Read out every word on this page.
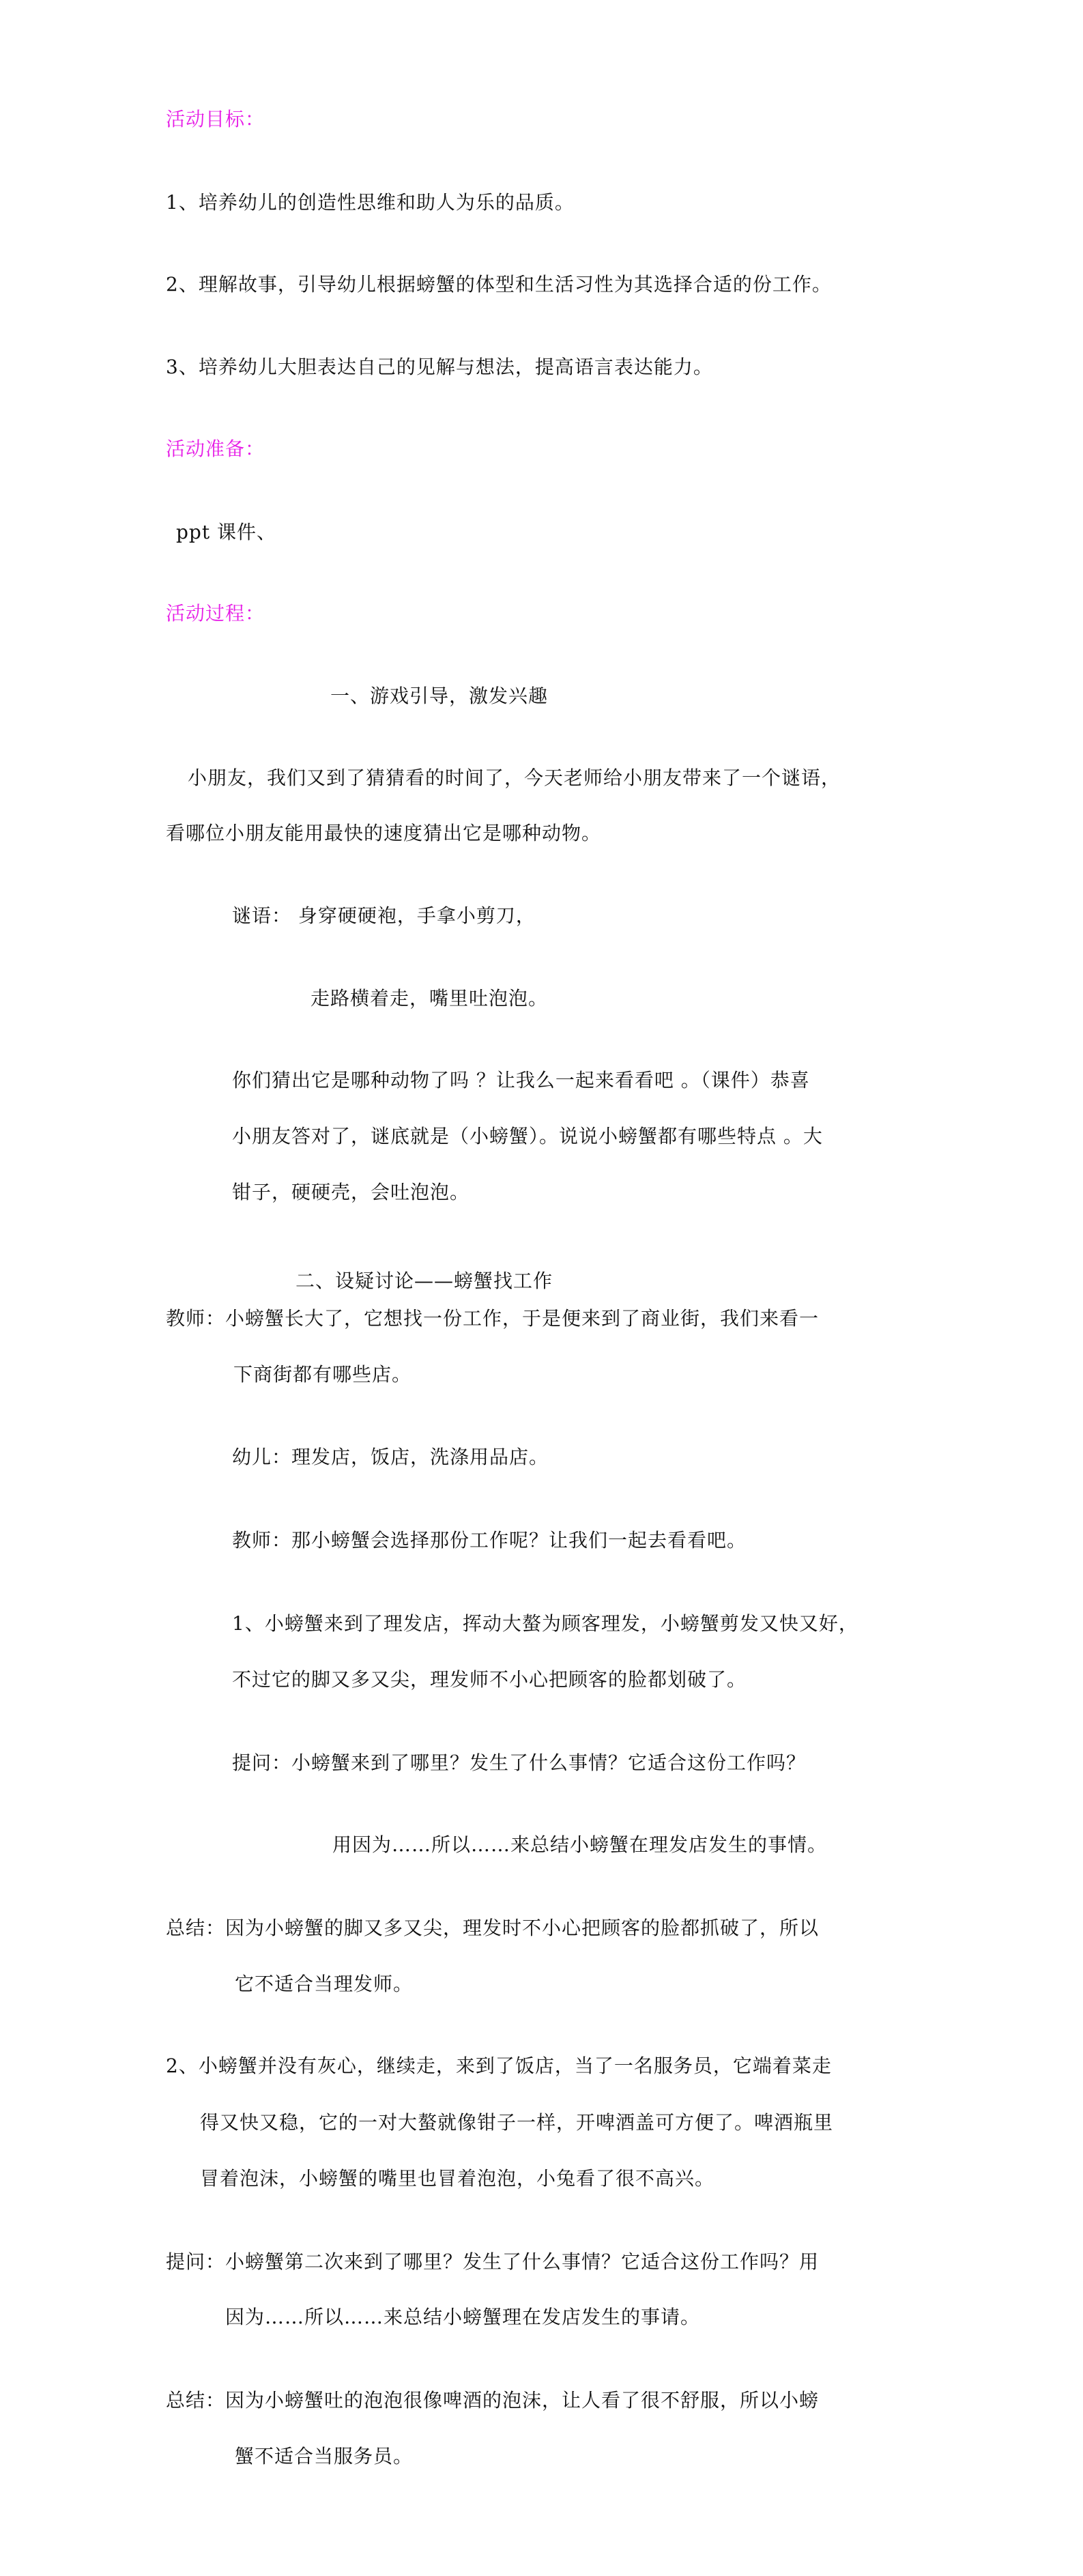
活动目标：
1、培养幼儿的创造性思维和助人为乐的品质。
2、理解故事，引导幼儿根据螃蟹的体型和生活习性为其选择合适的份工作。
3、培养幼儿大胆表达自己的见解与想法，提高语言表达能力。
活动准备：
ppt 课件、
活动过程：
一、游戏引导，激发兴趣
小朋友，我们又到了猜猜看的时间了，今天老师给小朋友带来了一个谜语，
看哪位小朋友能用最快的速度猜出它是哪种动物。
谜语： 身穿硬硬袍，手拿小剪刀，
走路横着走，嘴里吐泡泡。
你们猜出它是哪种动物了吗 ？让我么一起来看看吧 。（课件）恭喜
小朋友答对了，谜底就是（小螃蟹）。说说小螃蟹都有哪些特点 。大
钳子，硬硬壳，会吐泡泡。
二、设疑讨论——螃蟹找工作
教师：小螃蟹长大了，它想找一份工作，于是便来到了商业街，我们来看一
下商街都有哪些店。
幼儿：理发店，饭店，洗涤用品店。
教师：那小螃蟹会选择那份工作呢？让我们一起去看看吧。
1、小螃蟹来到了理发店，挥动大螯为顾客理发，小螃蟹剪发又快又好，
不过它的脚又多又尖，理发师不小心把顾客的脸都划破了。
提问：小螃蟹来到了哪里？发生了什么事情？它适合这份工作吗？
用因为……所以……来总结小螃蟹在理发店发生的事情。
总结：因为小螃蟹的脚又多又尖，理发时不小心把顾客的脸都抓破了，所以
它不适合当理发师。
2、小螃蟹并没有灰心，继续走，来到了饭店，当了一名服务员，它端着菜走
得又快又稳，它的一对大螯就像钳子一样，开啤酒盖可方便了。啤酒瓶里
冒着泡沫，小螃蟹的嘴里也冒着泡泡，小兔看了很不高兴。
提问：小螃蟹第二次来到了哪里？发生了什么事情？它适合这份工作吗？用
因为……所以……来总结小螃蟹理在发店发生的事请。
总结：因为小螃蟹吐的泡泡很像啤酒的泡沫，让人看了很不舒服，所以小螃
蟹不适合当服务员。
